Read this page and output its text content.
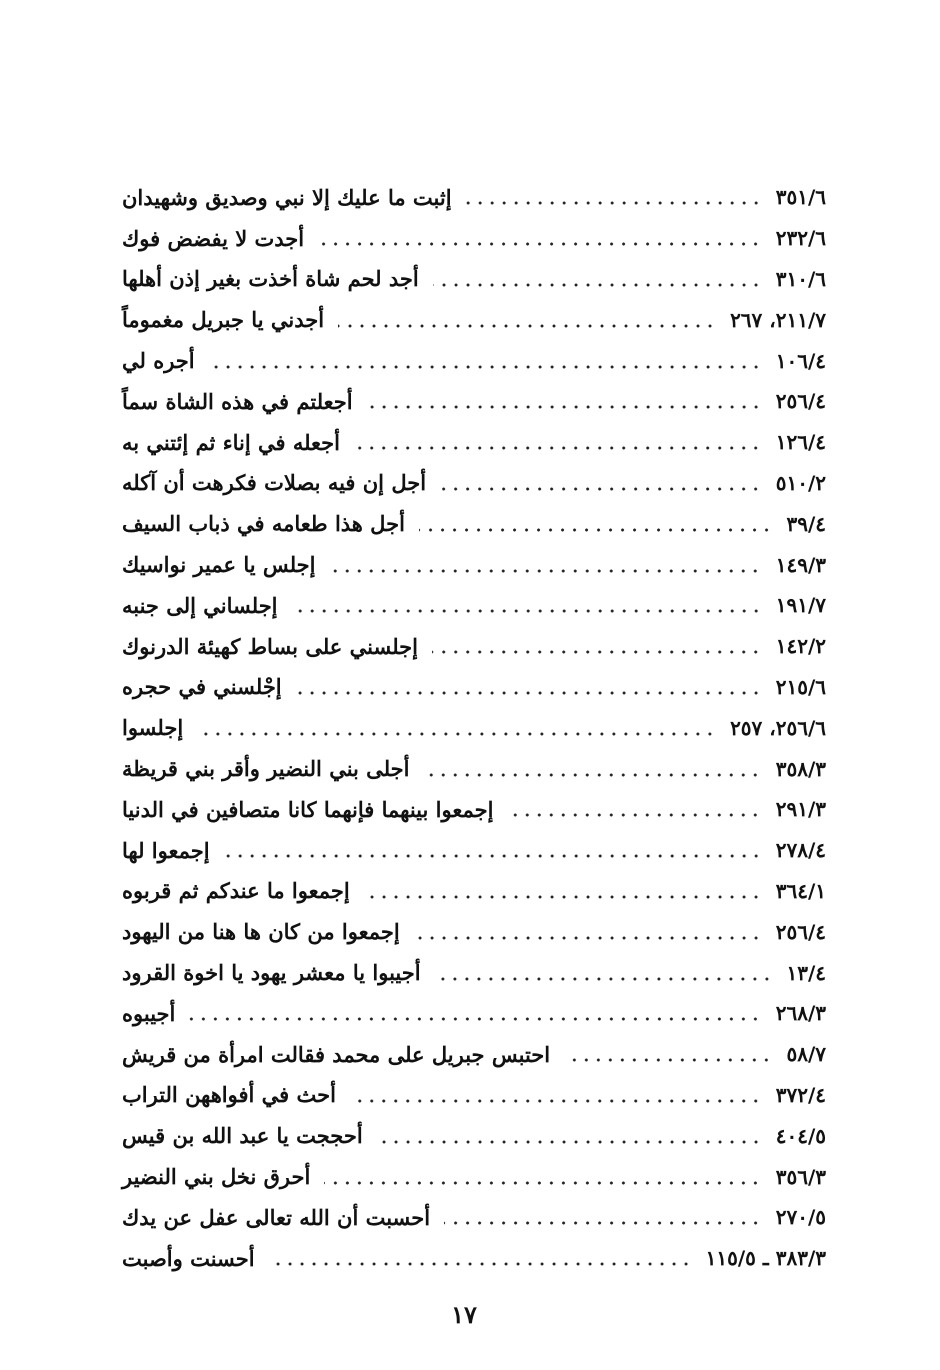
إثبت ما عليك إلا نبي وصديق وشهيدان	٣٥١/٦
أجدت لا يفضض فوك	٢٣٢/٦
أجد لحم شاة أخذت بغير إذن أهلها	٣١٠/٦
أجدني يا جبريل مغموماً	٢١١/٧، ٢٦٧
أجره لي	١٠٦/٤
أجعلتم في هذه الشاة سماً	٢٥٦/٤
أجعله في إناء ثم إئتني به	١٢٦/٤
أجل إن فيه بصلات فكرهت أن آكله	٥١٠/٢
أجل هذا طعامه في ذباب السيف	٣٩/٤
إجلس يا عمير نواسيك	١٤٩/٣
إجلساني إلى جنبه	١٩١/٧
إجلسني على بساط كهيئة الدرنوك	١٤٢/٢
إجْلسني في حجره	٢١٥/٦
إجلسوا	٢٥٦/٦، ٢٥٧
أجلى بني النضير وأقر بني قريظة	٣٥٨/٣
إجمعوا بينهما فإنهما كانا متصافين في الدنيا	٢٩١/٣
إجمعوا لها	٢٧٨/٤
إجمعوا ما عندكم ثم قربوه	٣٦٤/١
إجمعوا من كان ها هنا من اليهود	٢٥٦/٤
أجيبوا يا معشر يهود يا اخوة القرود	١٣/٤
أجيبوه	٢٦٨/٣
احتبس جبريل على محمد فقالت امرأة من قريش	٥٨/٧
أحث في أفواههن التراب	٣٧٢/٤
أحججت يا عبد الله بن قيس	٤٠٤/٥
أحرق نخل بني النضير	٣٥٦/٣
أحسبت أن الله تعالى عفل عن يدك	٢٧٠/٥
أحسنت وأصبت	٣٨٣/٣ ـ ١١٥/٥
١٧
